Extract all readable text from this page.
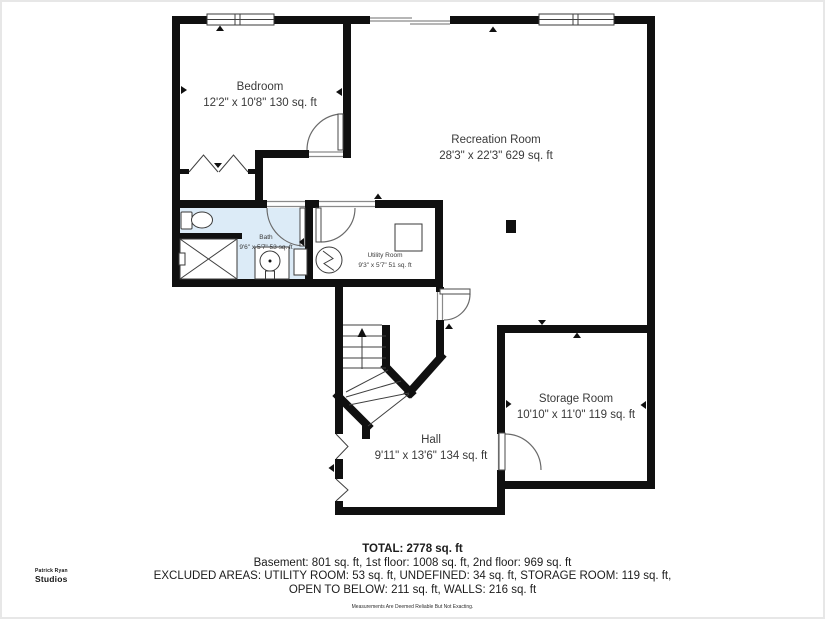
Bedroom
12'2" x 10'8" 130 sq. ft
Recreation Room
28'3" x 22'3" 629 sq. ft
Bath
9'6" x 5'7" 53 sq. ft
Utility Room
9'3" x 5'7" 51 sq. ft
Storage Room
10'10" x 11'0" 119 sq. ft
Hall
9'11" x 13'6" 134 sq. ft
TOTAL: 2778 sq. ft
Basement: 801 sq. ft, 1st floor: 1008 sq. ft, 2nd floor: 969 sq. ft
EXCLUDED AREAS: UTILITY ROOM: 53 sq. ft, UNDEFINED: 34 sq. ft, STORAGE ROOM: 119 sq. ft,
OPEN TO BELOW: 211 sq. ft, WALLS: 216 sq. ft
Measurements Are Deemed Reliable But Not Exacting.
Patrick Ryan
Studios
